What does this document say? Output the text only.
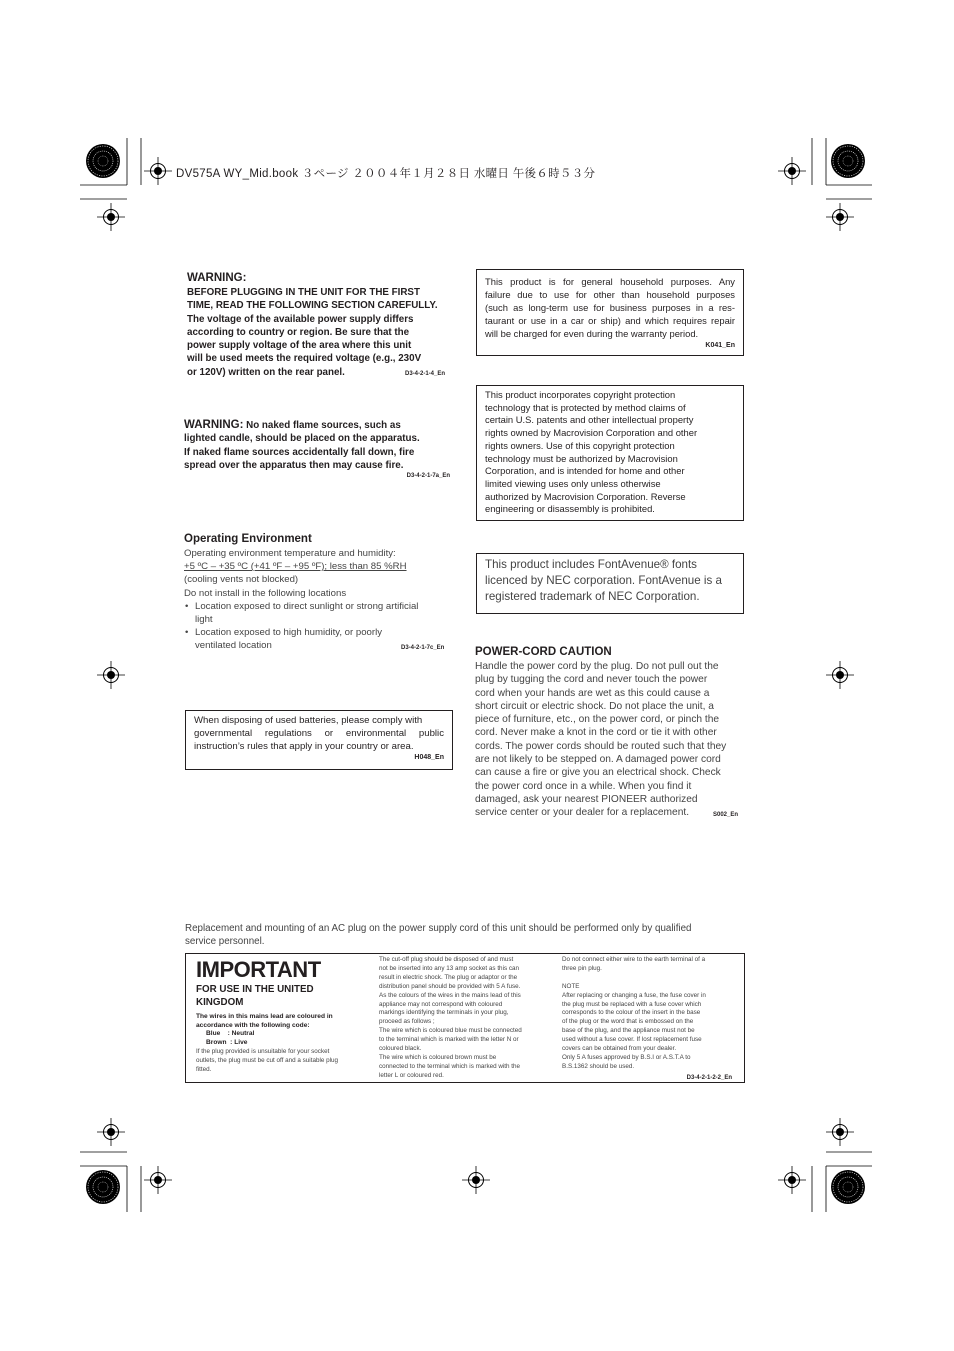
DV575A WY_Mid.book ３ページ ２００４年１月２８日 水曜日 午後６時５３分
WARNING:
BEFORE PLUGGING IN THE UNIT FOR THE FIRST
TIME, READ THE FOLLOWING SECTION CAREFULLY.
The voltage of the available power supply differs
according to country or region. Be sure that the
power supply voltage of the area where this unit
will be used meets the required voltage (e.g., 230V
or 120V) written on the rear panel.	D3-4-2-1-4_En
WARNING: No naked flame sources, such as
lighted candle, should be placed on the apparatus.
If naked flame sources accidentally fall down, fire
spread over the apparatus then may cause fire.
D3-4-2-1-7a_En
Operating Environment
Operating environment temperature and humidity:
+5 ºC – +35 ºC (+41 ºF – +95 ºF); less than 85 %RH
(cooling vents not blocked)
Do not install in the following locations
• Location exposed to direct sunlight or strong artificial
light
• Location exposed to high humidity, or poorly
ventilated location	D3-4-2-1-7c_En
When disposing of used batteries, please comply with
governmental regulations or environmental public
instruction’s rules that apply in your country or area.
H048_En
This product is for general household purposes. Any
failure due to use for other than household purposes
(such as long-term use for business purposes in a res-
taurant or use in a car or ship) and which requires repair
will be charged for even during the warranty period.
K041_En
This product incorporates copyright protection
technology that is protected by method claims of
certain U.S. patents and other intellectual property
rights owned by Macrovision Corporation and other
rights owners. Use of this copyright protection
technology must be authorized by Macrovision
Corporation, and is intended for home and other
limited viewing uses only unless otherwise
authorized by Macrovision Corporation. Reverse
engineering or disassembly is prohibited.
This product includes FontAvenue® fonts
licenced by NEC corporation. FontAvenue is a
registered trademark of NEC Corporation.
POWER-CORD CAUTION
Handle the power cord by the plug. Do not pull out the
plug by tugging the cord and never touch the power
cord when your hands are wet as this could cause a
short circuit or electric shock. Do not place the unit, a
piece of furniture, etc., on the power cord, or pinch the
cord. Never make a knot in the cord or tie it with other
cords. The power cords should be routed such that they
are not likely to be stepped on. A damaged power cord
can cause a fire or give you an electrical shock. Check
the power cord once in a while. When you find it
damaged, ask your nearest PIONEER authorized
service center or your dealer for a replacement.	S002_En
Replacement and mounting of an AC plug on the power supply cord of this unit should be performed only by qualified
service personnel.
IMPORTANT
FOR USE IN THE UNITED
KINGDOM
The wires in this mains lead are coloured in
accordance with the following code:
Blue    : Neutral
Brown  : Live
If the plug provided is unsuitable for your socket
outlets, the plug must be cut off and a suitable plug
fitted.
The cut-off plug should be disposed of and must
not be inserted into any 13 amp socket as this can
result in electric shock. The plug or adaptor or the
distribution panel should be provided with 5 A fuse.
As the colours of the wires in the mains lead of this
appliance may not correspond with coloured
markings identifying the terminals in your plug,
proceed as follows ;
The wire which is coloured blue must be connected
to the terminal which is marked with the letter N or
coloured black.
The wire which is coloured brown must be
connected to the terminal which is marked with the
letter L or coloured red.
Do not connect either wire to the earth terminal of a
three pin plug.
NOTE
After replacing or changing a fuse, the fuse cover in
the plug must be replaced with a fuse cover which
corresponds to the colour of the insert in the base
of the plug or the word that is embossed on the
base of the plug, and the appliance must not be
used without a fuse cover. If lost replacement fuse
covers can be obtained from your dealer.
Only 5 A fuses approved by B.S.I or A.S.T.A to
B.S.1362 should be used.
D3-4-2-1-2-2_En
